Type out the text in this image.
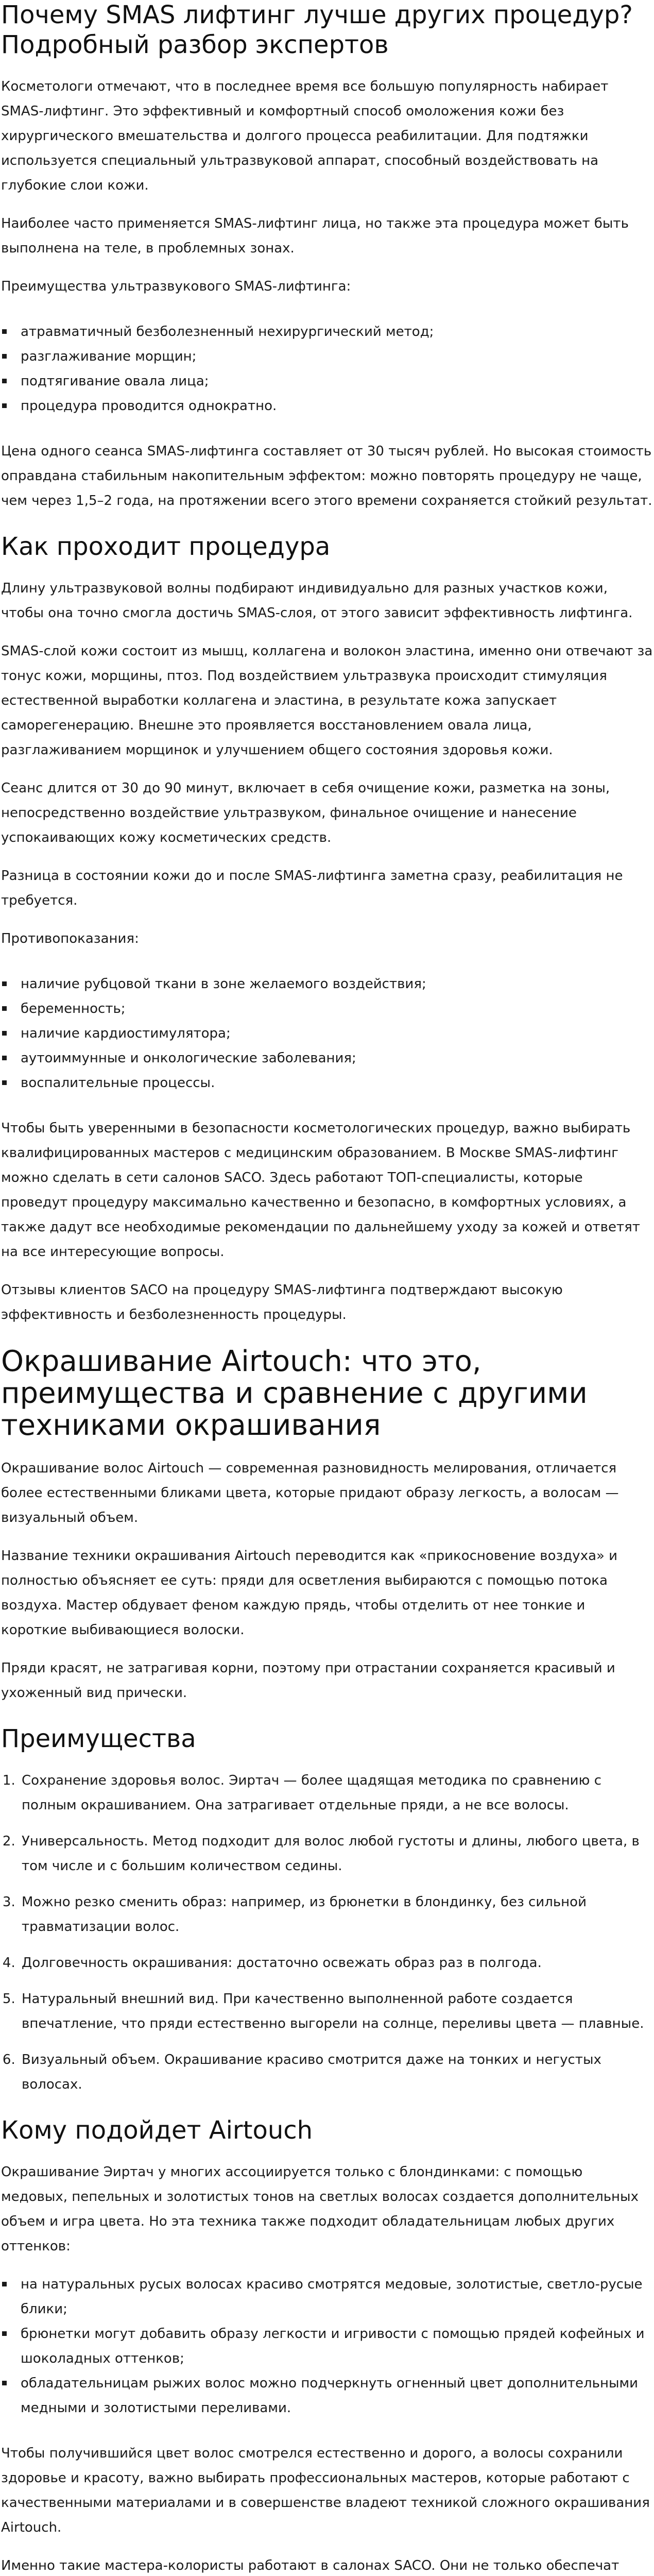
Почему SMAS лифтинг лучше других процедур? Подробный разбор экспертов

Косметологи отмечают, что в последнее время все большую популярность набирает SMAS-лифтинг. Это эффективный и комфортный способ омоложения кожи без хирургического вмешательства и долгого процесса реабилитации. Для подтяжки используется специальный ультразвуковой аппарат, способный воздействовать на глубокие слои кожи.

Наиболее часто применяется SMAS-лифтинг лица, но также эта процедура может быть выполнена на теле, в проблемных зонах.

Преимущества ультразвукового SMAS-лифтинга:

атравматичный безболезненный нехирургический метод;
разглаживание морщин;
подтягивание овала лица;
процедура проводится однократно.

Цена одного сеанса SMAS-лифтинга составляет от 30 тысяч рублей. Но высокая стоимость оправдана стабильным накопительным эффектом: можно повторять процедуру не чаще, чем через 1,5–2 года, на протяжении всего этого времени сохраняется стойкий результат.

Как проходит процедура

Длину ультразвуковой волны подбирают индивидуально для разных участков кожи, чтобы она точно смогла достичь SMAS-слоя, от этого зависит эффективность лифтинга.

SMAS-слой кожи состоит из мышц, коллагена и волокон эластина, именно они отвечают за тонус кожи, морщины, птоз. Под воздействием ультразвука происходит стимуляция естественной выработки коллагена и эластина, в результате кожа запускает саморегенерацию. Внешне это проявляется восстановлением овала лица, разглаживанием морщинок и улучшением общего состояния здоровья кожи.

Сеанс длится от 30 до 90 минут, включает в себя очищение кожи, разметка на зоны, непосредственно воздействие ультразвуком, финальное очищение и нанесение успокаивающих кожу косметических средств.

Разница в состоянии кожи до и после SMAS-лифтинга заметна сразу, реабилитация не требуется.

Противопоказания:

наличие рубцовой ткани в зоне желаемого воздействия;
беременность;
наличие кардиостимулятора;
аутоиммунные и онкологические заболевания;
воспалительные процессы.

Чтобы быть уверенными в безопасности косметологических процедур, важно выбирать квалифицированных мастеров с медицинским образованием. В Москве SMAS-лифтинг можно сделать в сети салонов SACO. Здесь работают ТОП-специалисты, которые проведут процедуру максимально качественно и безопасно, в комфортных условиях, а также дадут все необходимые рекомендации по дальнейшему уходу за кожей и ответят на все интересующие вопросы.

Отзывы клиентов SACO на процедуру SMAS-лифтинга подтверждают высокую эффективность и безболезненность процедуры.

Окрашивание Airtouch: что это, преимущества и сравнение с другими техниками окрашивания

Окрашивание волос Airtouch — современная разновидность мелирования, отличается более естественными бликами цвета, которые придают образу легкость, а волосам — визуальный объем.

Название техники окрашивания Airtouch переводится как «прикосновение воздуха» и полностью объясняет ее суть: пряди для осветления выбираются с помощью потока воздуха. Мастер обдувает феном каждую прядь, чтобы отделить от нее тонкие и короткие выбивающиеся волоски.

Пряди красят, не затрагивая корни, поэтому при отрастании сохраняется красивый и ухоженный вид прически.

Преимущества
1. Сохранение здоровья волос. Эиртач — более щадящая методика по сравнению с полным окрашиванием. Она затрагивает отдельные пряди, а не все волосы.
2. Универсальность. Метод подходит для волос любой густоты и длины, любого цвета, в том числе и с большим количеством седины.
3. Можно резко сменить образ: например, из брюнетки в блондинку, без сильной травматизации волос.
4. Долговечность окрашивания: достаточно освежать образ раз в полгода.
5. Натуральный внешний вид. При качественно выполненной работе создается впечатление, что пряди естественно выгорели на солнце, переливы цвета — плавные.
6. Визуальный объем. Окрашивание красиво смотрится даже на тонких и негустых волосах.
Кому подойдет Airtouch

Окрашивание Эиртач у многих ассоциируется только с блондинками: с помощью медовых, пепельных и золотистых тонов на светлых волосах создается дополнительных объем и игра цвета. Но эта техника также подходит обладательницам любых других оттенков:

на натуральных русых волосах красиво смотрятся медовые, золотистые, светло-русые блики;
брюнетки могут добавить образу легкости и игривости с помощью прядей кофейных и шоколадных оттенков;
обладательницам рыжих волос можно подчеркнуть огненный цвет дополнительными медными и золотистыми переливами.

Чтобы получившийся цвет волос смотрелся естественно и дорого, а волосы сохранили здоровье и красоту, важно выбирать профессиональных мастеров, которые работают с качественными материалами и в совершенстве владеют техникой сложного окрашивания Airtouch.

Именно такие мастера-колористы работают в салонах SACO. Они не только обеспечат
